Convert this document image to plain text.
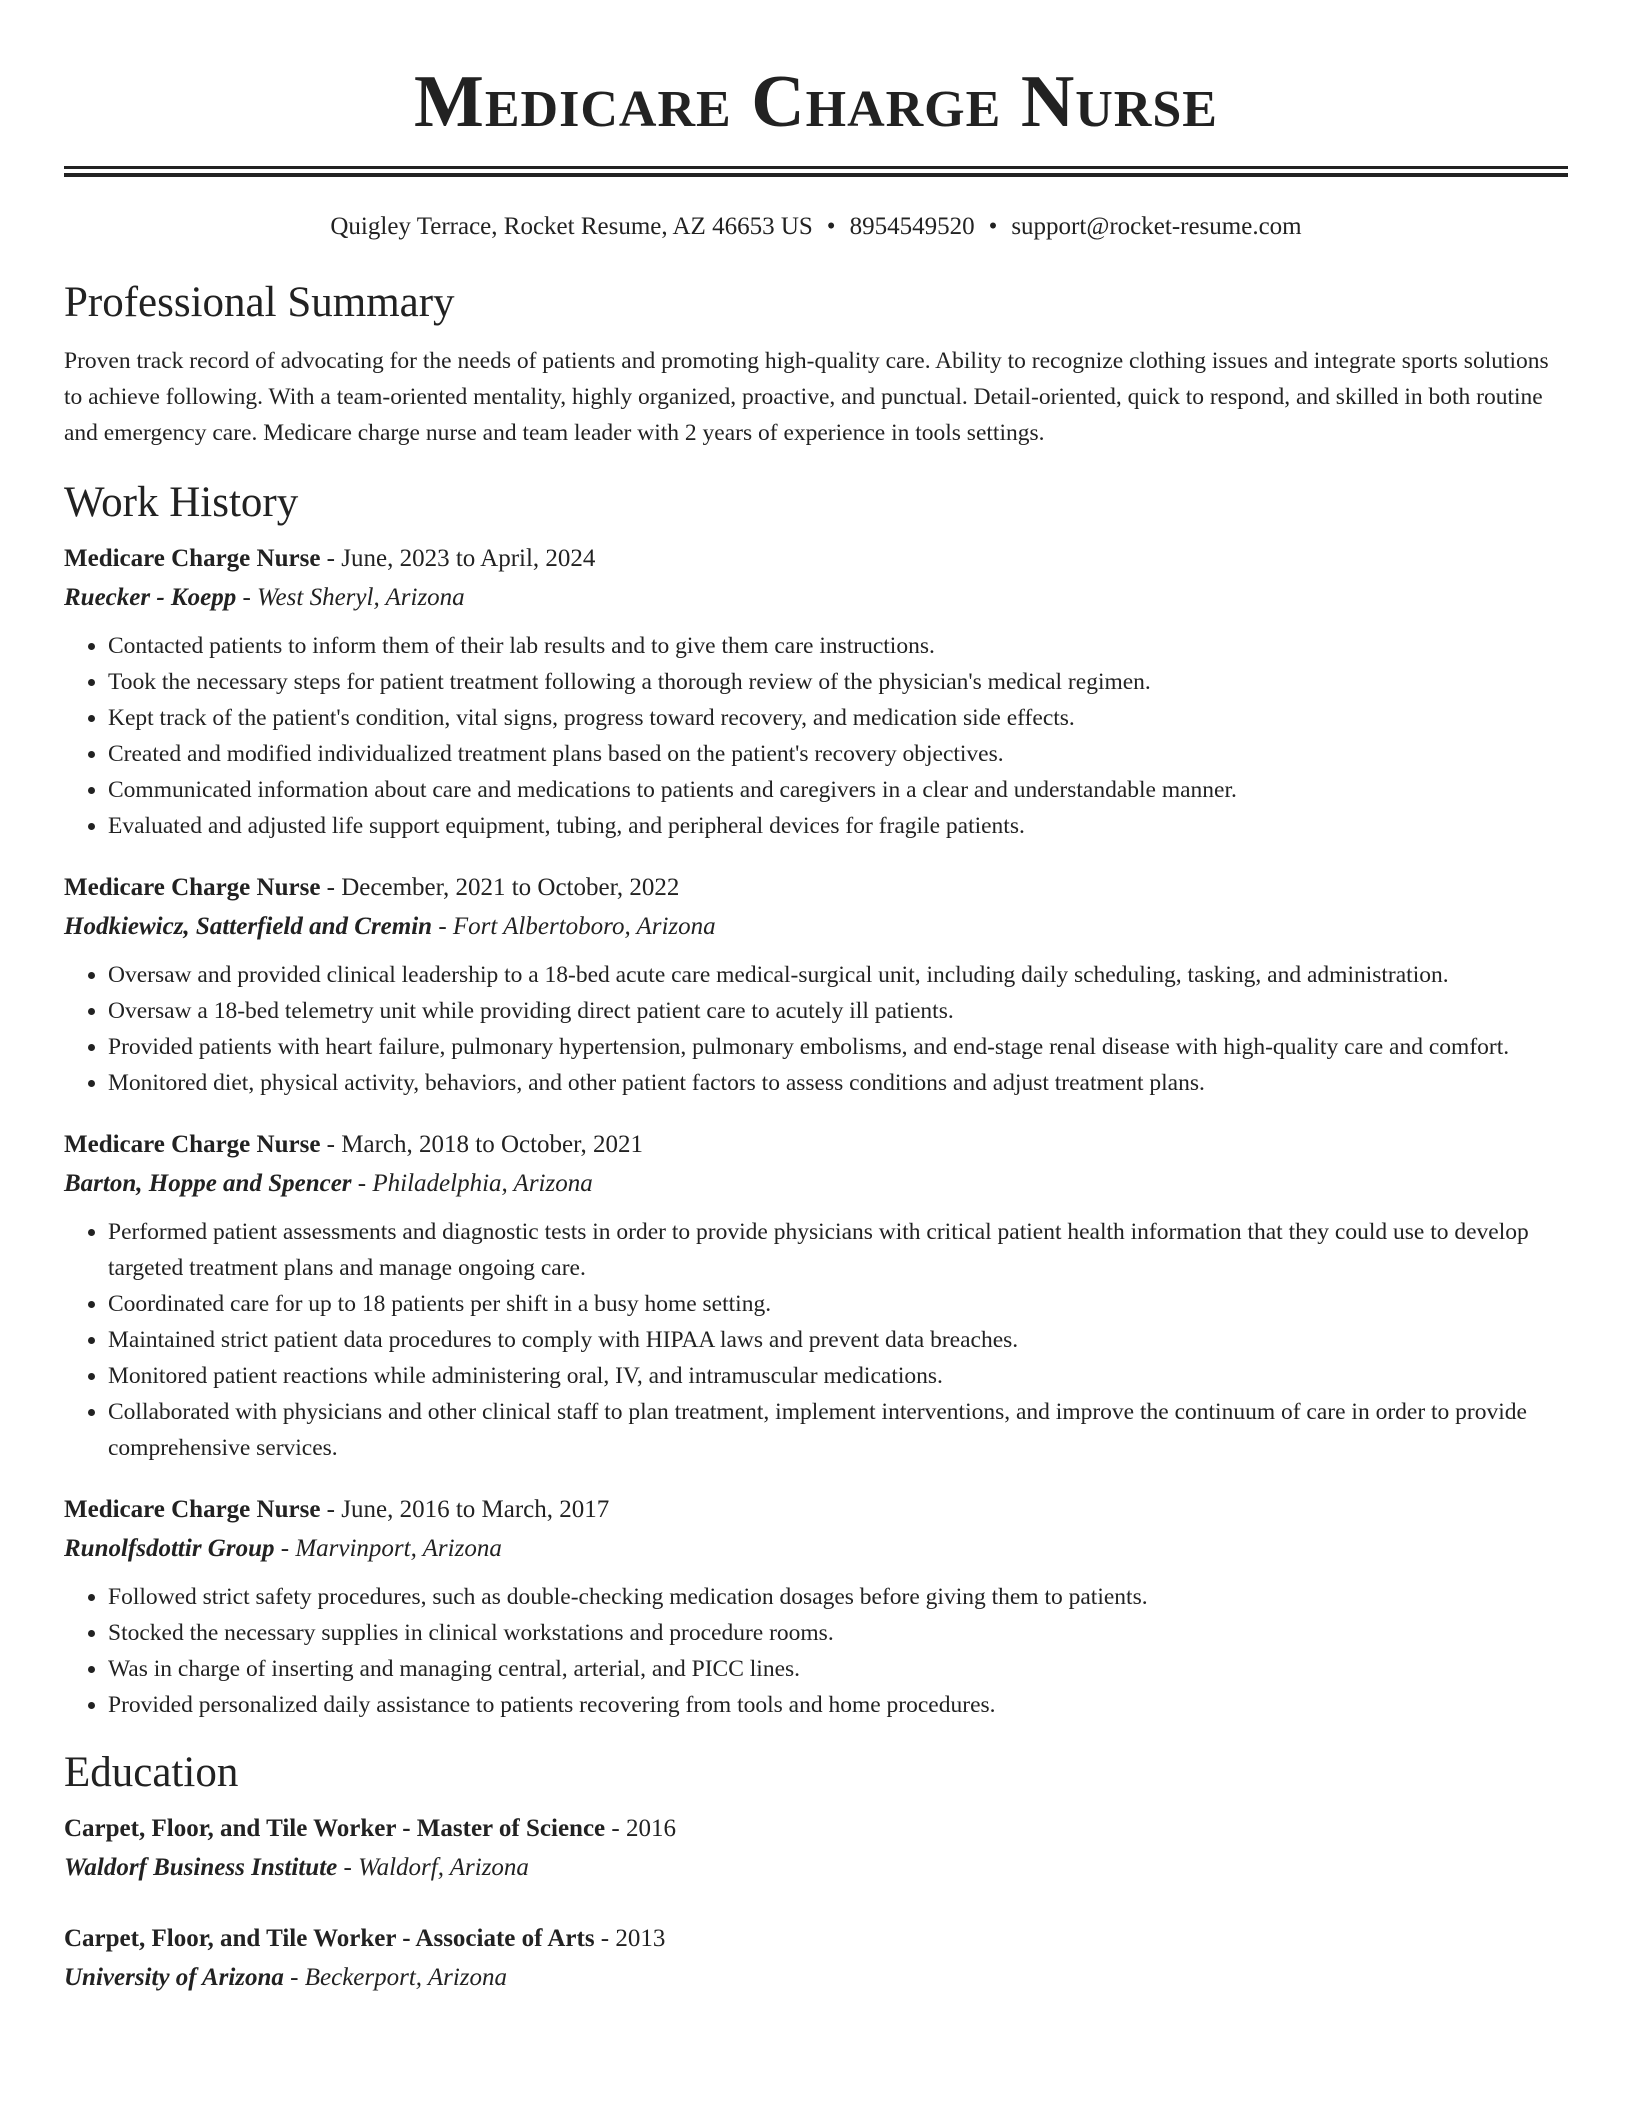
Medicare Charge Nurse
Quigley Terrace, Rocket Resume, AZ 46653 US • 8954549520 • support@rocket-resume.com
Professional Summary

Proven track record of advocating for the needs of patients and promoting high-quality care. Ability to recognize clothing issues and integrate sports solutions to achieve following. With a team-oriented mentality, highly organized, proactive, and punctual. Detail-oriented, quick to respond, and skilled in both routine and emergency care. Medicare charge nurse and team leader with 2 years of experience in tools settings.

Work History
Medicare Charge Nurse - June, 2023 to April, 2024
Ruecker - Koepp - West Sheryl, Arizona
• Contacted patients to inform them of their lab results and to give them care instructions.
• Took the necessary steps for patient treatment following a thorough review of the physician's medical regimen.
• Kept track of the patient's condition, vital signs, progress toward recovery, and medication side effects.
• Created and modified individualized treatment plans based on the patient's recovery objectives.
• Communicated information about care and medications to patients and caregivers in a clear and understandable manner.
• Evaluated and adjusted life support equipment, tubing, and peripheral devices for fragile patients.
Medicare Charge Nurse - December, 2021 to October, 2022
Hodkiewicz, Satterfield and Cremin - Fort Albertoboro, Arizona
• Oversaw and provided clinical leadership to a 18-bed acute care medical-surgical unit, including daily scheduling, tasking, and administration.
• Oversaw a 18-bed telemetry unit while providing direct patient care to acutely ill patients.
• Provided patients with heart failure, pulmonary hypertension, pulmonary embolisms, and end-stage renal disease with high-quality care and comfort.
• Monitored diet, physical activity, behaviors, and other patient factors to assess conditions and adjust treatment plans.
Medicare Charge Nurse - March, 2018 to October, 2021
Barton, Hoppe and Spencer - Philadelphia, Arizona
• Performed patient assessments and diagnostic tests in order to provide physicians with critical patient health information that they could use to develop targeted treatment plans and manage ongoing care.
• Coordinated care for up to 18 patients per shift in a busy home setting.
• Maintained strict patient data procedures to comply with HIPAA laws and prevent data breaches.
• Monitored patient reactions while administering oral, IV, and intramuscular medications.
• Collaborated with physicians and other clinical staff to plan treatment, implement interventions, and improve the continuum of care in order to provide comprehensive services.
Medicare Charge Nurse - June, 2016 to March, 2017
Runolfsdottir Group - Marvinport, Arizona
• Followed strict safety procedures, such as double-checking medication dosages before giving them to patients.
• Stocked the necessary supplies in clinical workstations and procedure rooms.
• Was in charge of inserting and managing central, arterial, and PICC lines.
• Provided personalized daily assistance to patients recovering from tools and home procedures.
Education
Carpet, Floor, and Tile Worker - Master of Science - 2016
Waldorf Business Institute - Waldorf, Arizona
Carpet, Floor, and Tile Worker - Associate of Arts - 2013
University of Arizona - Beckerport, Arizona
